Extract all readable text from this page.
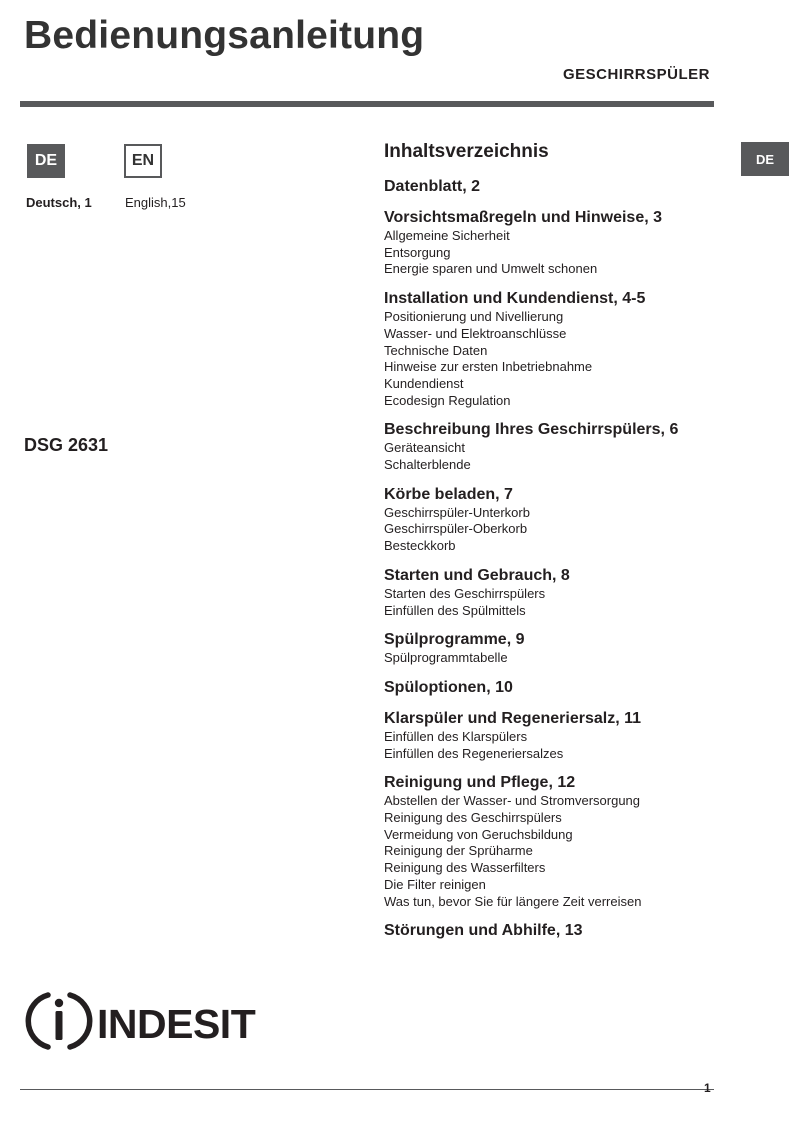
Bedienungsanleitung
GESCHIRRSPÜLER
DE	EN
Deutsch, 1	English,15
DSG 2631
DE
Inhaltsverzeichnis
Datenblatt, 2
Vorsichtsmaßregeln und Hinweise, 3
Allgemeine Sicherheit
Entsorgung
Energie sparen und Umwelt schonen
Installation und Kundendienst, 4-5
Positionierung und Nivellierung
Wasser- und Elektroanschlüsse
Technische Daten
Hinweise zur ersten Inbetriebnahme
Kundendienst
Ecodesign Regulation
Beschreibung Ihres Geschirrspülers, 6
Geräteansicht
Schalterblende
Körbe beladen, 7
Geschirrspüler-Unterkorb
Geschirrspüler-Oberkorb
Besteckkorb
Starten und Gebrauch, 8
Starten des Geschirrspülers
Einfüllen des Spülmittels
Spülprogramme, 9
Spülprogrammtabelle
Spüloptionen, 10
Klarspüler und Regeneriersalz, 11
Einfüllen des Klarspülers
Einfüllen des Regeneriersalzes
Reinigung und Pflege, 12
Abstellen der Wasser- und Stromversorgung
Reinigung des Geschirrspülers
Vermeidung von Geruchsbildung
Reinigung der Sprüharme
Reinigung des Wasserfilters
Die Filter reinigen
Was tun, bevor Sie für längere Zeit verreisen
Störungen und Abhilfe, 13
INDESIT
1
